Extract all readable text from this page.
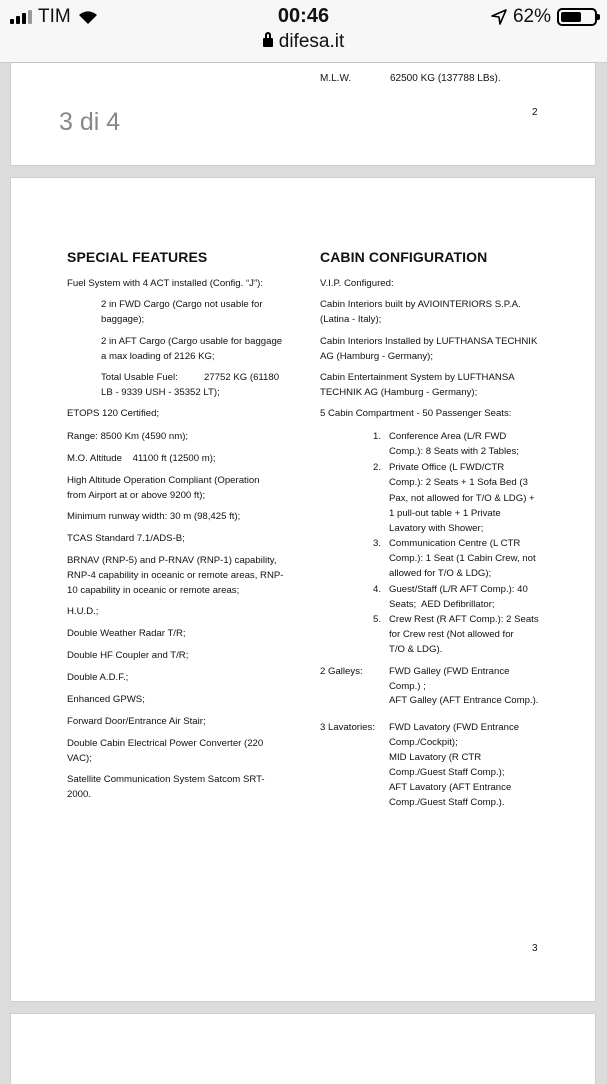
TIM	00:46	62%
difesa.it
M.L.W.	62500 KG (137788 LBs).
2
3 di 4
SPECIAL FEATURES
Fuel System with 4 ACT installed (Config. “J”):
2 in FWD Cargo (Cargo not usable for
baggage);
2 in AFT Cargo (Cargo usable for baggage
a max loading of 2126 KG;
Total Usable Fuel:	27752 KG (61180
LB - 9339 USH - 35352 LT);
ETOPS 120 Certified;
Range: 8500 Km (4590 nm);
M.O. Altitude    41100 ft (12500 m);
High Altitude Operation Compliant (Operation
from Airport at or above 9200 ft);
Minimum runway width: 30 m (98,425 ft);
TCAS Standard 7.1/ADS-B;
BRNAV (RNP-5) and P-RNAV (RNP-1) capability,
RNP-4 capability in oceanic or remote areas, RNP-
10 capability in oceanic or remote areas;
H.U.D.;
Double Weather Radar T/R;
Double HF Coupler and T/R;
Double A.D.F.;
Enhanced GPWS;
Forward Door/Entrance Air Stair;
Double Cabin Electrical Power Converter (220
VAC);
Satellite Communication System Satcom SRT-
2000.
CABIN CONFIGURATION
V.I.P. Configured:
Cabin Interiors built by AVIOINTERIORS S.P.A.
(Latina - Italy);
Cabin Interiors Installed by LUFTHANSA TECHNIK
AG (Hamburg - Germany);
Cabin Entertainment System by LUFTHANSA
TECHNIK AG (Hamburg - Germany);
5 Cabin Compartment - 50 Passenger Seats:
1. Conference Area (L/R FWD
Comp.): 8 Seats with 2 Tables;
2. Private Office (L FWD/CTR
Comp.): 2 Seats + 1 Sofa Bed (3
Pax, not allowed for T/O & LDG) +
1 pull-out table + 1 Private
Lavatory with Shower;
3. Communication Centre (L CTR
Comp.): 1 Seat (1 Cabin Crew, not
allowed for T/O & LDG);
4. Guest/Staff (L/R AFT Comp.): 40
Seats;  AED Defibrillator;
5. Crew Rest (R AFT Comp.): 2 Seats
for Crew rest (Not allowed for
T/O & LDG).
2 Galleys:	FWD Galley (FWD Entrance
Comp.) ;
AFT Galley (AFT Entrance Comp.).
3 Lavatories:	FWD Lavatory (FWD Entrance
Comp./Cockpit);
MID Lavatory (R CTR
Comp./Guest Staff Comp.);
AFT Lavatory (AFT Entrance
Comp./Guest Staff Comp.).
3
